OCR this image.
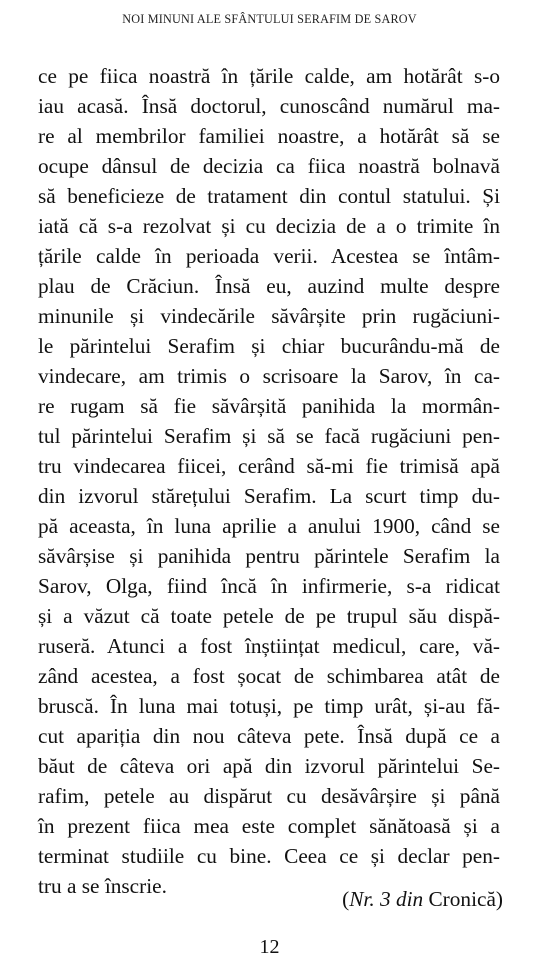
NOI MINUNI ALE SFÂNTULUI SERAFIM DE SAROV
ce pe fiica noastră în țările calde, am hotărât s-o
iau acasă. Însă doctorul, cunoscând numărul ma-
re al membrilor familiei noastre, a hotărât să se
ocupe dânsul de decizia ca fiica noastră bolnavă
să beneficieze de tratament din contul statului. Și
iată că s-a rezolvat și cu decizia de a o trimite în
țările calde în perioada verii. Acestea se întâm-
plau de Crăciun. Însă eu, auzind multe despre
minunile și vindecările săvârșite prin rugăciuni-
le părintelui Serafim și chiar bucurându-mă de
vindecare, am trimis o scrisoare la Sarov, în ca-
re rugam să fie săvârșită panihida la mormân-
tul părintelui Serafim și să se facă rugăciuni pen-
tru vindecarea fiicei, cerând să-mi fie trimisă apă
din izvorul stărețului Serafim. La scurt timp du-
pă aceasta, în luna aprilie a anului 1900, când se
săvârșise și panihida pentru părintele Serafim la
Sarov, Olga, fiind încă în infirmerie, s-a ridicat
și a văzut că toate petele de pe trupul său dispă-
ruseră. Atunci a fost înștiințat medicul, care, vă-
zând acestea, a fost șocat de schimbarea atât de
bruscă. În luna mai totuși, pe timp urât, și-au fă-
cut apariția din nou câteva pete. Însă după ce a
băut de câteva ori apă din izvorul părintelui Se-
rafim, petele au dispărut cu desăvârșire și până
în prezent fiica mea este complet sănătoasă și a
terminat studiile cu bine. Ceea ce și declar pen-
tru a se înscrie.
(Nr. 3 din Cronică)
12
